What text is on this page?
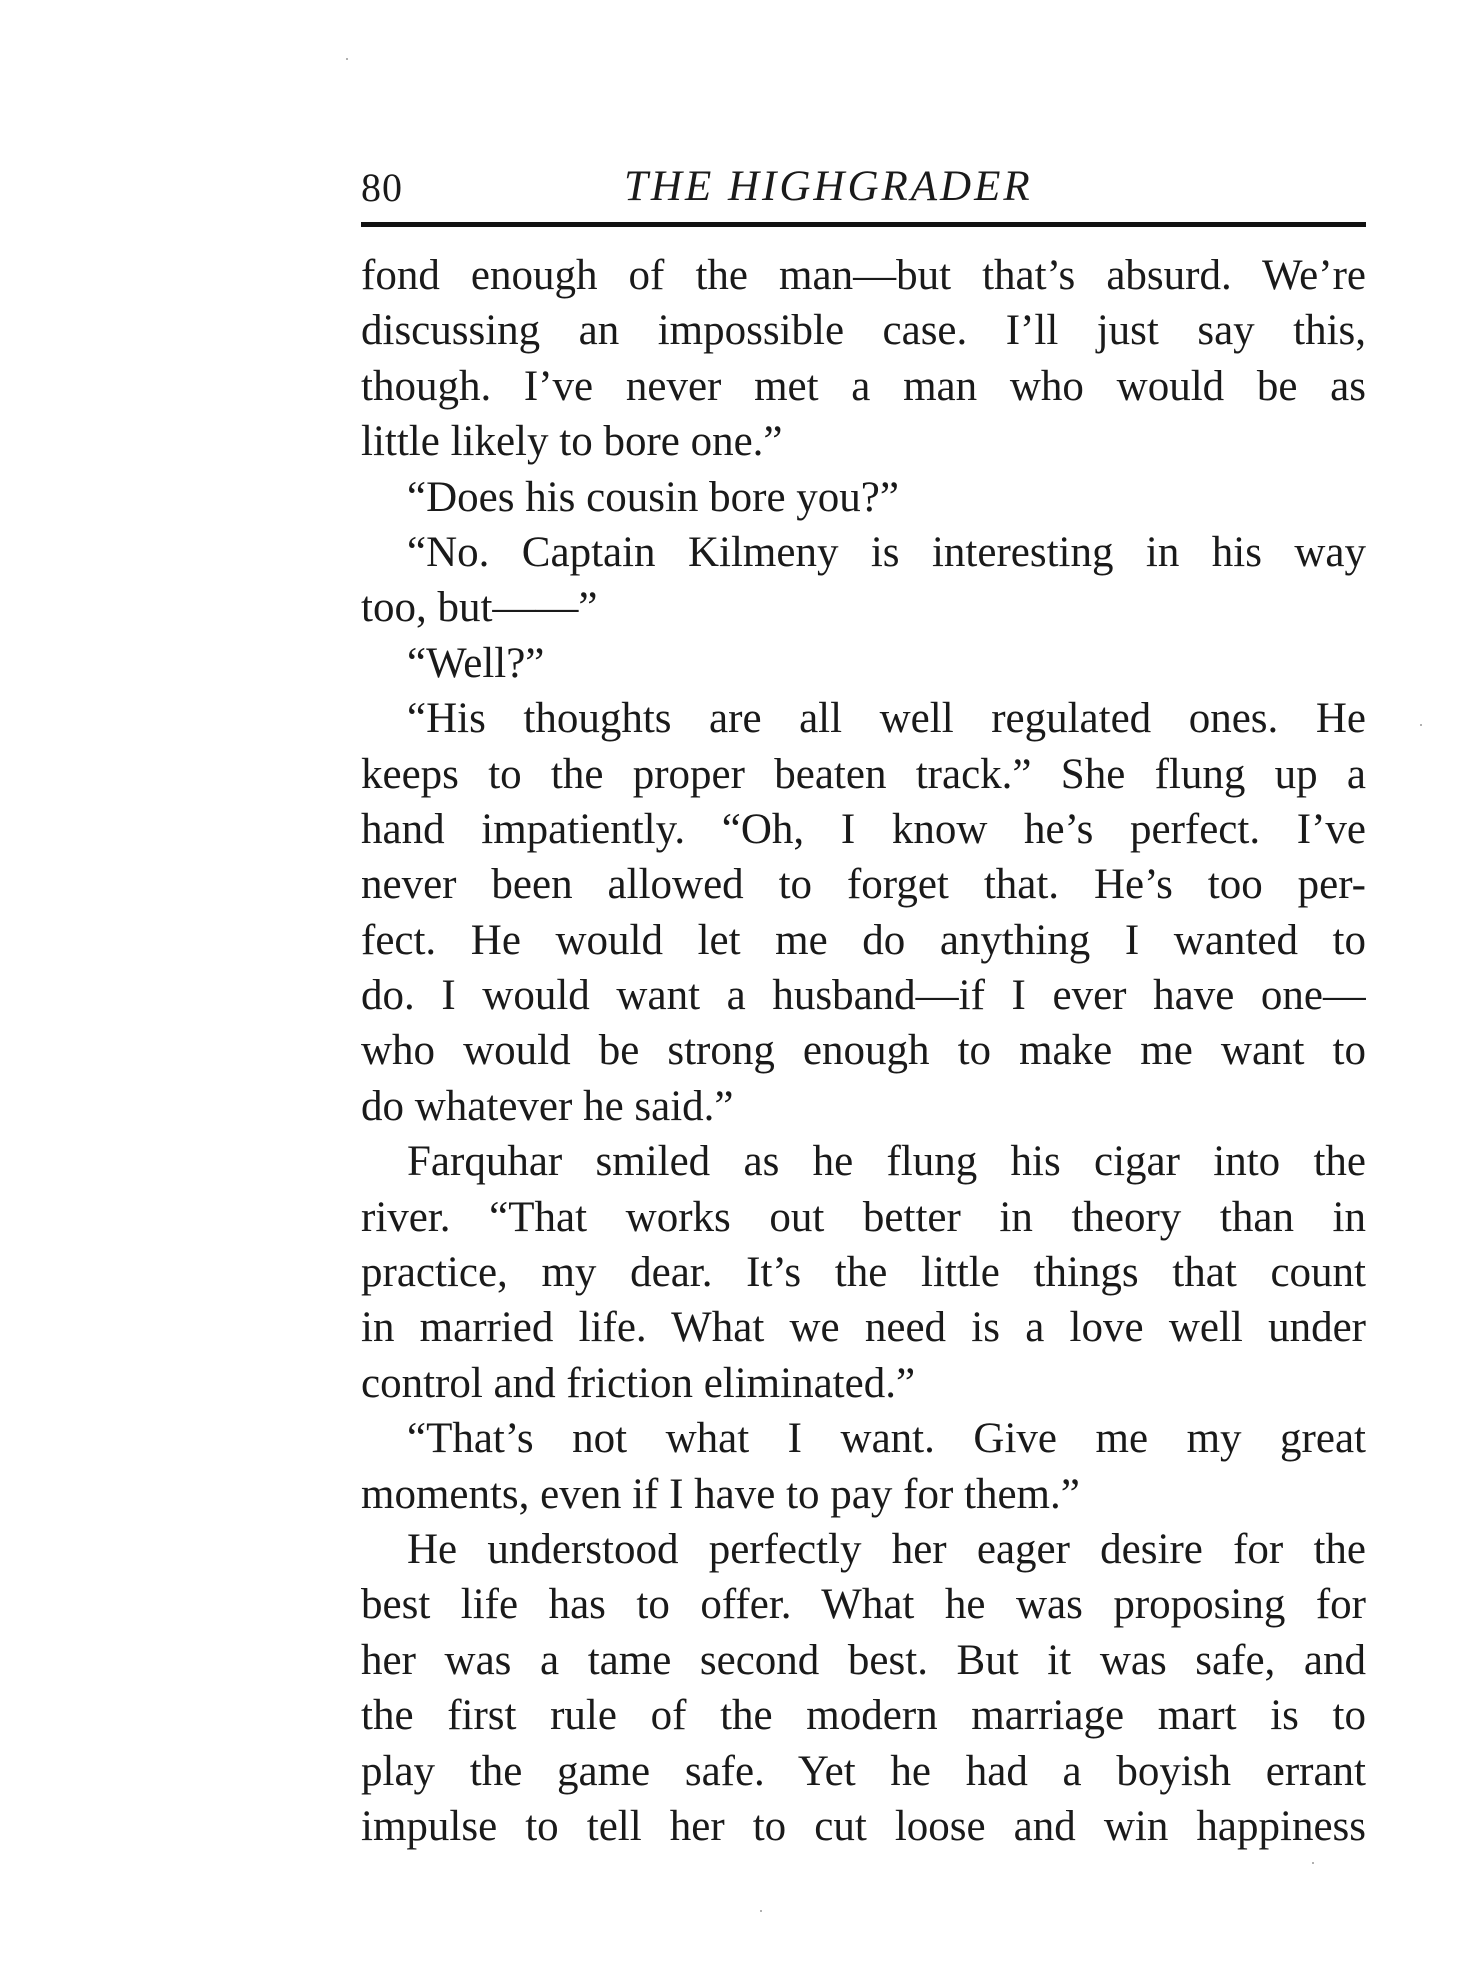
80	THE HIGHGRADER
fond enough of the man—but that’s absurd. We’re
discussing an impossible case. I’ll just say this,
though. I’ve never met a man who would be as
little likely to bore one.”
“Does his cousin bore you?”
“No. Captain Kilmeny is interesting in his way
too, but——”
“Well?”
“His thoughts are all well regulated ones. He
keeps to the proper beaten track.” She flung up a
hand impatiently. “Oh, I know he’s perfect. I’ve
never been allowed to forget that. He’s too per-
fect. He would let me do anything I wanted to
do. I would want a husband—if I ever have one—
who would be strong enough to make me want to
do whatever he said.”
Farquhar smiled as he flung his cigar into the
river. “That works out better in theory than in
practice, my dear. It’s the little things that count
in married life. What we need is a love well under
control and friction eliminated.”
“That’s not what I want. Give me my great
moments, even if I have to pay for them.”
He understood perfectly her eager desire for the
best life has to offer. What he was proposing for
her was a tame second best. But it was safe, and
the first rule of the modern marriage mart is to
play the game safe. Yet he had a boyish errant
impulse to tell her to cut loose and win happiness
